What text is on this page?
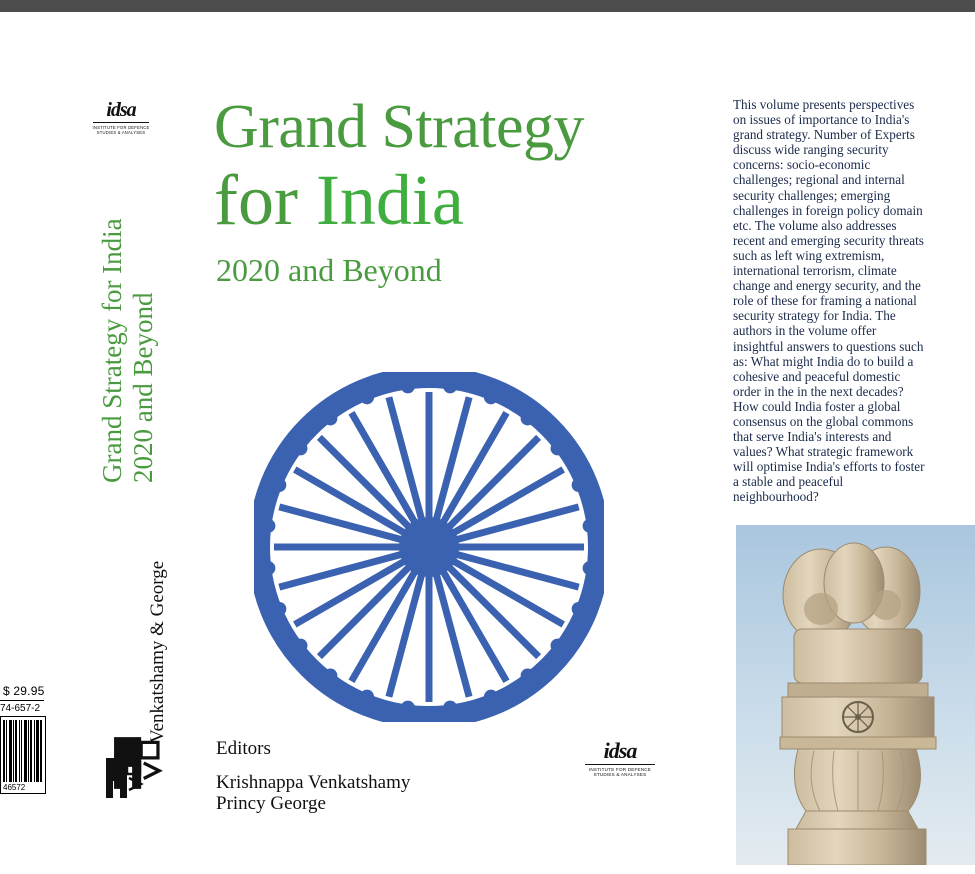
$ 29.95
74-657-2
46572
idsa
INSTITUTE FOR DEFENCE
STUDIES & ANALYSES
Grand Strategy for India 2020 and Beyond
Venkatshamy & George
Grand Strategy
for India
2020 and Beyond
Editors
Krishnappa Venkatshamy
Princy George
idsa
INSTITUTE FOR DEFENCE
STUDIES & ANALYSES
This volume presents perspectives on issues of importance to India's grand strategy. Number of Experts discuss wide ranging security concerns: socio-economic challenges; regional and internal security challenges; emerging challenges in foreign policy domain etc. The volume also addresses recent and emerging security threats such as left wing extremism, international terrorism, climate change and energy security, and the role of these for framing a national security strategy for India. The authors in the volume offer insightful answers to questions such as: What might India do to build a cohesive and peaceful domestic order in the in the next decades? How could India foster a global consensus on the global commons that serve India's interests and values? What strategic framework will optimise India's efforts to foster a stable and peaceful neighbourhood?
